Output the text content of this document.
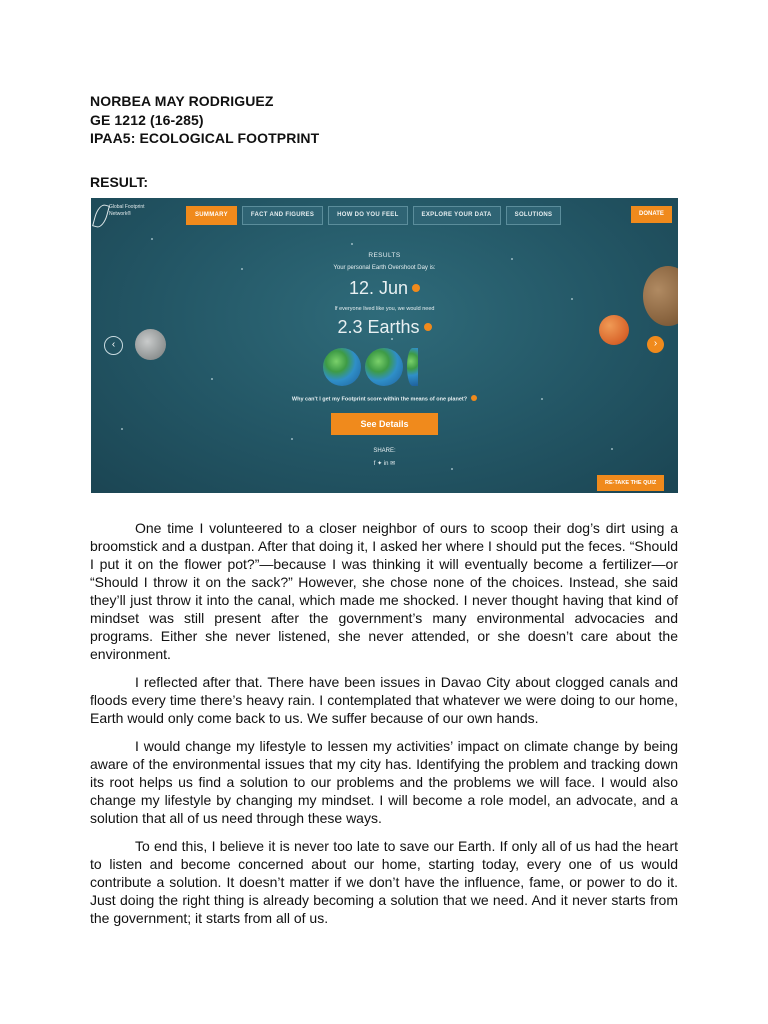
NORBEA MAY RODRIGUEZ
GE 1212 (16-285)
IPAA5: ECOLOGICAL FOOTPRINT
RESULT:
Global Footprint Network®	SUMMARY	FACT AND FIGURES	HOW DO YOU FEEL	EXPLORE YOUR DATA	SOLUTIONS	DONATE
‹	›
RESULTS
Your personal Earth Overshoot Day is:
12. Jun
If everyone lived like you, we would need
2.3 Earths
Why can't I get my Footprint score within the means of one planet?
See Details
SHARE:
f ✦ in ✉
RE-TAKE THE QUIZ

One time I volunteered to a closer neighbor of ours to scoop their dog’s dirt using a broomstick and a dustpan. After that doing it, I asked her where I should put the feces. “Should I put it on the flower pot?”—because I was thinking it will eventually become a fertilizer—or “Should I throw it on the sack?” However, she chose none of the choices. Instead, she said they’ll just throw it into the canal, which made me shocked. I never thought having that kind of mindset was still present after the government’s many environmental advocacies and programs. Either she never listened, she never attended, or she doesn’t care about the environment.

I reflected after that. There have been issues in Davao City about clogged canals and floods every time there’s heavy rain. I contemplated that whatever we were doing to our home, Earth would only come back to us. We suffer because of our own hands.

I would change my lifestyle to lessen my activities’ impact on climate change by being aware of the environmental issues that my city has. Identifying the problem and tracking down its root helps us find a solution to our problems and the problems we will face. I would also change my lifestyle by changing my mindset. I will become a role model, an advocate, and a solution that all of us need through these ways.

To end this, I believe it is never too late to save our Earth. If only all of us had the heart to listen and become concerned about our home, starting today, every one of us would contribute a solution. It doesn’t matter if we don’t have the influence, fame, or power to do it. Just doing the right thing is already becoming a solution that we need. And it never starts from the government; it starts from all of us.
